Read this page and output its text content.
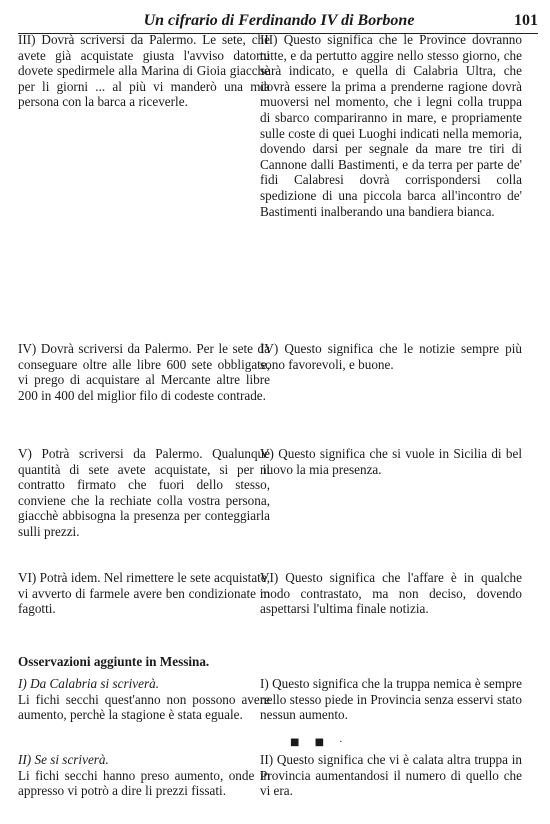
Un cifrario di Ferdinando IV di Borbone	101

III) Dovrà scriversi da Palermo. Le sete, che avete già acquistate giusta l'avviso datomi dovete spedirmele alla Marina di Gioia giacchè per li giorni ... al più vi manderò una mia persona con la barca a riceverle.

IV) Dovrà scriversi da Palermo. Per le sete da conseguare oltre alle libre 600 sete obbligate, vi prego di acquistare al Mercante altre libre 200 in 400 del miglior filo di codeste contrade.

V) Potrà scriversi da Palermo. Qualunque quantità di sete avete acquistate, si per il contratto firmato che fuori dello stesso, conviene che la rechiate colla vostra persona, giacchè abbisogna la presenza per conteggiarla sulli prezzi.

VI) Potrà idem. Nel rimettere le sete acquistate, vi avverto di farmele avere ben condizionate in fagotti.

Osservazioni aggiunte in Messina.

I) Da Calabria si scriverà.

Li fichi secchi quest'anno non possono avere aumento, perchè la stagione è stata eguale.

II) Se si scriverà.

Li fichi secchi hanno preso aumento, onde in appresso vi potrò a dire li prezzi fissati.

III) Questo significa che le Province dovranno tutte, e da pertutto aggire nello stesso giorno, che sarà indicato, e quella di Calabria Ultra, che dovrà essere la prima a prenderne ragione dovrà muoversi nel momento, che i legni colla truppa di sbarco compariranno in mare, e propriamente sulle coste di quei Luoghi indicati nella memoria, dovendo darsi per segnale da mare tre tiri di Cannone dalli Bastimenti, e da terra per parte de' fidi Calabresi dovrà corrispondersi colla spedizione di una piccola barca all'incontro de' Bastimenti inalberando una bandiera bianca.

IV) Questo significa che le notizie sempre più sono favorevoli, e buone.

V) Questo significa che si vuole in Sicilia di bel nuovo la mia presenza.

VI) Questo significa che l'affare è in qualche modo contrastato, ma non deciso, dovendo aspettarsi l'ultima finale notizia.

I) Questo significa che la truppa nemica è sempre nello stesso piede in Provincia senza esservi stato nessun aumento.

II) Questo significa che vi è calata altra truppa in Provincia aumentandosi il numero di quello che vi era.

■ ■ ·
